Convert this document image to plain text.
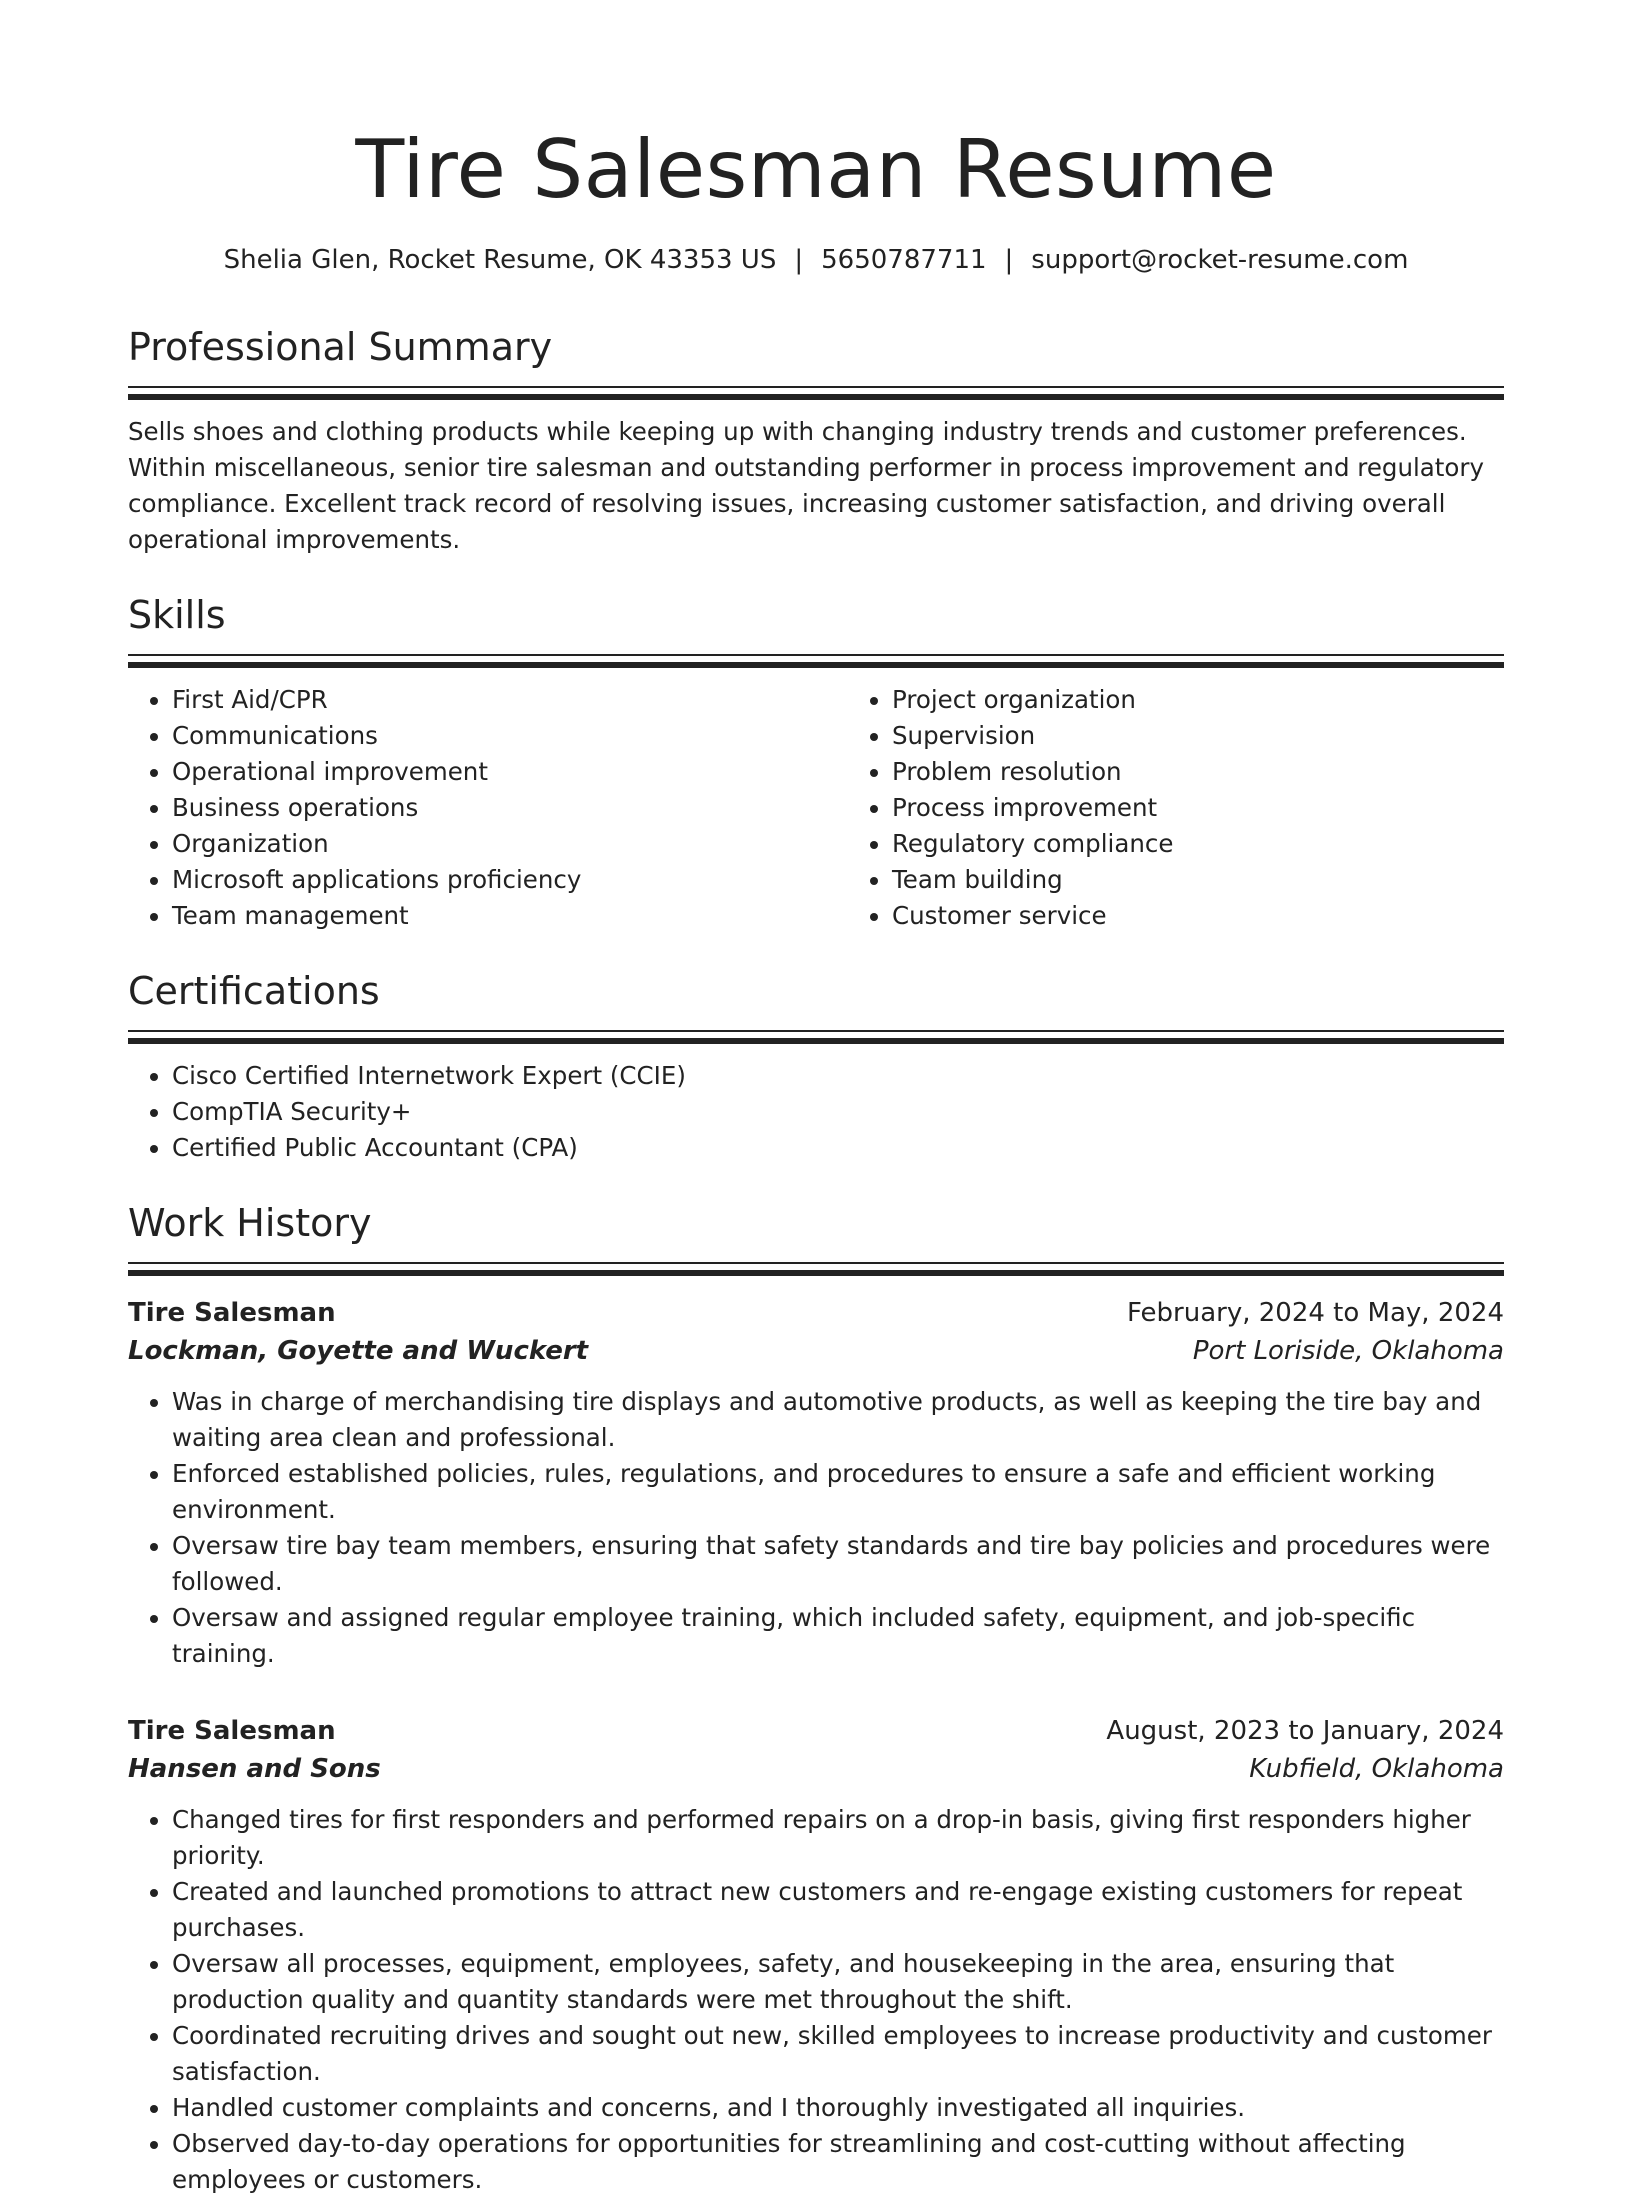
Tire Salesman Resume
Shelia Glen, Rocket Resume, OK 43353 US | 5650787711 | support@rocket-resume.com
Professional Summary

Sells shoes and clothing products while keeping up with changing industry trends and customer preferences. Within miscellaneous, senior tire salesman and outstanding performer in process improvement and regulatory compliance. Excellent track record of resolving issues, increasing customer satisfaction, and driving overall operational improvements.

Skills
• First Aid/CPR
• Communications
• Operational improvement
• Business operations
• Organization
• Microsoft applications proficiency
• Team management
• Project organization
• Supervision
• Problem resolution
• Process improvement
• Regulatory compliance
• Team building
• Customer service
Certifications
• Cisco Certified Internetwork Expert (CCIE)
• CompTIA Security+
• Certified Public Accountant (CPA)
Work History
Tire Salesman	February, 2024 to May, 2024
Lockman, Goyette and Wuckert	Port Loriside, Oklahoma
• Was in charge of merchandising tire displays and automotive products, as well as keeping the tire bay and waiting area clean and professional.
• Enforced established policies, rules, regulations, and procedures to ensure a safe and efficient working environment.
• Oversaw tire bay team members, ensuring that safety standards and tire bay policies and procedures were followed.
• Oversaw and assigned regular employee training, which included safety, equipment, and job-specific training.
Tire Salesman	August, 2023 to January, 2024
Hansen and Sons	Kubfield, Oklahoma
• Changed tires for first responders and performed repairs on a drop-in basis, giving first responders higher priority.
• Created and launched promotions to attract new customers and re-engage existing customers for repeat purchases.
• Oversaw all processes, equipment, employees, safety, and housekeeping in the area, ensuring that production quality and quantity standards were met throughout the shift.
• Coordinated recruiting drives and sought out new, skilled employees to increase productivity and customer satisfaction.
• Handled customer complaints and concerns, and I thoroughly investigated all inquiries.
• Observed day-to-day operations for opportunities for streamlining and cost-cutting without affecting employees or customers.
